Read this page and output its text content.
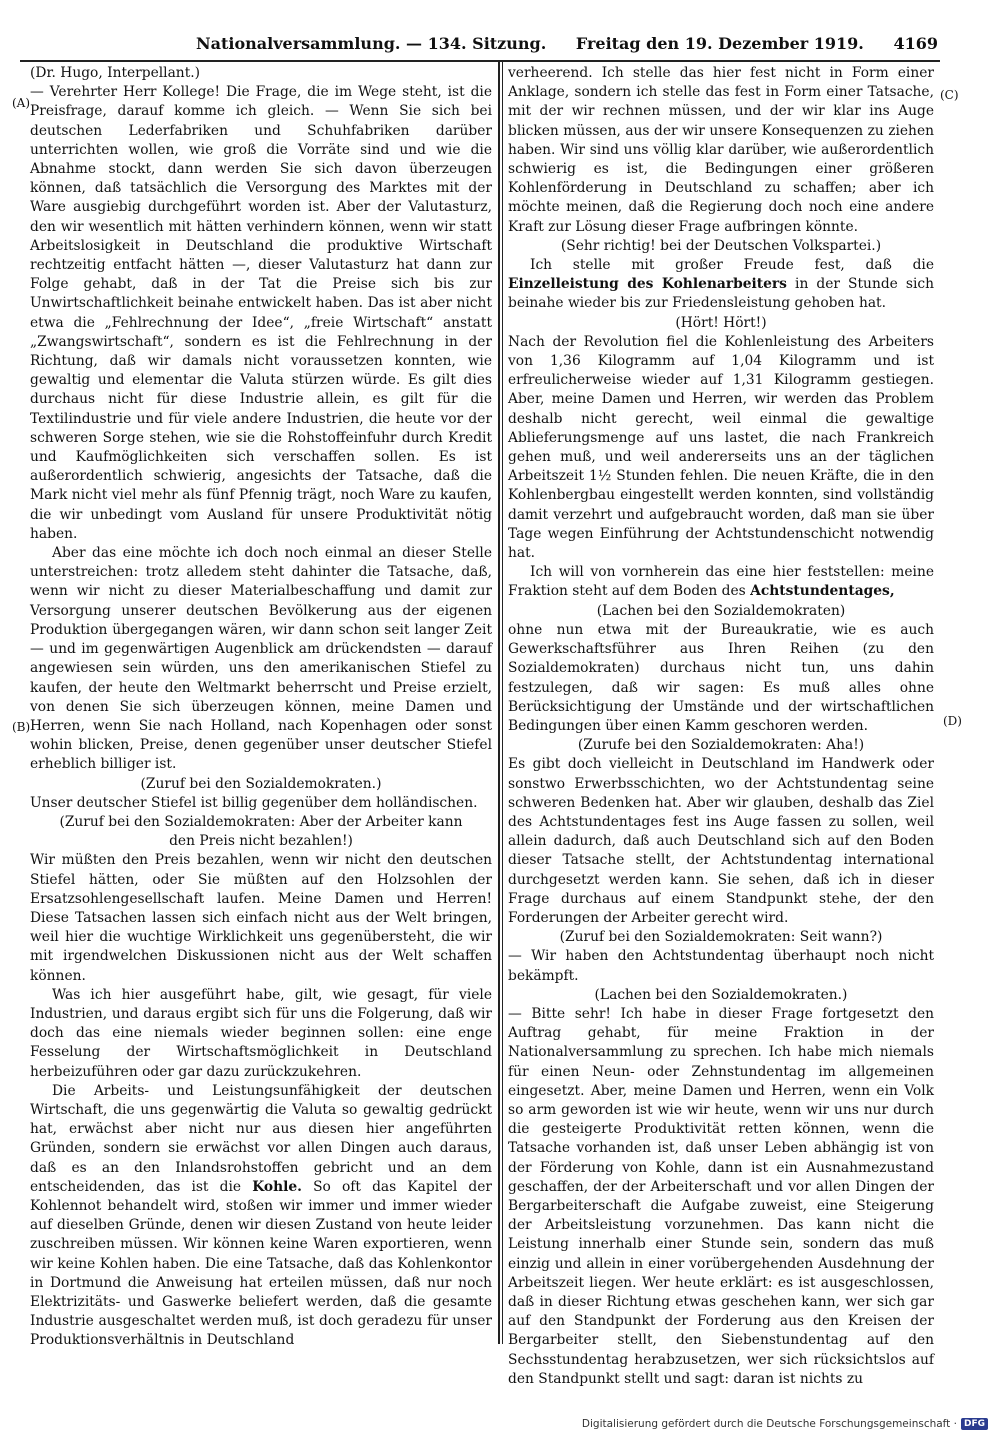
Nationalversammlung. — 134. Sitzung. Freitag den 19. Dezember 1919. 4169
(A)
(B)
(C)
(D)

(Dr. Hugo, Interpellant.)

— Verehrter Herr Kollege! Die Frage, die im Wege steht, ist die Preisfrage, darauf komme ich gleich. — Wenn Sie sich bei deutschen Lederfabriken und Schuhfabriken darüber unterrichten wollen, wie groß die Vorräte sind und wie die Abnahme stockt, dann werden Sie sich davon überzeugen können, daß tatsächlich die Versorgung des Marktes mit der Ware ausgiebig durchgeführt worden ist. Aber der Valutasturz, den wir wesentlich mit hätten verhindern können, wenn wir statt Arbeitslosigkeit in Deutschland die produktive Wirtschaft rechtzeitig entfacht hätten —, dieser Valutasturz hat dann zur Folge gehabt, daß in der Tat die Preise sich bis zur Unwirtschaftlichkeit beinahe entwickelt haben. Das ist aber nicht etwa die „Fehlrechnung der Idee“, „freie Wirtschaft“ anstatt „Zwangswirtschaft“, sondern es ist die Fehlrechnung in der Richtung, daß wir damals nicht voraussetzen konnten, wie gewaltig und elementar die Valuta stürzen würde. Es gilt dies durchaus nicht für diese Industrie allein, es gilt für die Textilindustrie und für viele andere Industrien, die heute vor der schweren Sorge stehen, wie sie die Rohstoffeinfuhr durch Kredit und Kaufmöglichkeiten sich verschaffen sollen. Es ist außerordentlich schwierig, angesichts der Tatsache, daß die Mark nicht viel mehr als fünf Pfennig trägt, noch Ware zu kaufen, die wir unbedingt vom Ausland für unsere Produktivität nötig haben.

Aber das eine möchte ich doch noch einmal an dieser Stelle unterstreichen: trotz alledem steht dahinter die Tatsache, daß, wenn wir nicht zu dieser Materialbeschaffung und damit zur Versorgung unserer deutschen Bevölkerung aus der eigenen Produktion übergegangen wären, wir dann schon seit langer Zeit — und im gegenwärtigen Augenblick am drückendsten — darauf angewiesen sein würden, uns den amerikanischen Stiefel zu kaufen, der heute den Weltmarkt beherrscht und Preise erzielt, von denen Sie sich überzeugen können, meine Damen und Herren, wenn Sie nach Holland, nach Kopenhagen oder sonst wohin blicken, Preise, denen gegenüber unser deutscher Stiefel erheblich billiger ist.

(Zuruf bei den Sozialdemokraten.)

Unser deutscher Stiefel ist billig gegenüber dem holländischen.

(Zuruf bei den Sozialdemokraten: Aber der Arbeiter kann den Preis nicht bezahlen!)

Wir müßten den Preis bezahlen, wenn wir nicht den deutschen Stiefel hätten, oder Sie müßten auf den Holzsohlen der Ersatzsohlengesellschaft laufen. Meine Damen und Herren! Diese Tatsachen lassen sich einfach nicht aus der Welt bringen, weil hier die wuchtige Wirklichkeit uns gegenübersteht, die wir mit irgendwelchen Diskussionen nicht aus der Welt schaffen können.

Was ich hier ausgeführt habe, gilt, wie gesagt, für viele Industrien, und daraus ergibt sich für uns die Folgerung, daß wir doch das eine niemals wieder beginnen sollen: eine enge Fesselung der Wirtschaftsmöglichkeit in Deutschland herbeizuführen oder gar dazu zurückzukehren.

Die Arbeits- und Leistungsunfähigkeit der deutschen Wirtschaft, die uns gegenwärtig die Valuta so gewaltig gedrückt hat, erwächst aber nicht nur aus diesen hier angeführten Gründen, sondern sie erwächst vor allen Dingen auch daraus, daß es an den Inlandsrohstoffen gebricht und an dem entscheidenden, das ist die Kohle. So oft das Kapitel der Kohlennot behandelt wird, stoßen wir immer und immer wieder auf dieselben Gründe, denen wir diesen Zustand von heute leider zuschreiben müssen. Wir können keine Waren exportieren, wenn wir keine Kohlen haben. Die eine Tatsache, daß das Kohlenkontor in Dortmund die Anweisung hat erteilen müssen, daß nur noch Elektrizitäts- und Gaswerke beliefert werden, daß die gesamte Industrie ausgeschaltet werden muß, ist doch geradezu für unser Produktionsverhältnis in Deutschland

verheerend. Ich stelle das hier fest nicht in Form einer Anklage, sondern ich stelle das fest in Form einer Tatsache, mit der wir rechnen müssen, und der wir klar ins Auge blicken müssen, aus der wir unsere Konsequenzen zu ziehen haben. Wir sind uns völlig klar darüber, wie außerordentlich schwierig es ist, die Bedingungen einer größeren Kohlenförderung in Deutschland zu schaffen; aber ich möchte meinen, daß die Regierung doch noch eine andere Kraft zur Lösung dieser Frage aufbringen könnte.

(Sehr richtig! bei der Deutschen Volkspartei.)

Ich stelle mit großer Freude fest, daß die Einzelleistung des Kohlenarbeiters in der Stunde sich beinahe wieder bis zur Friedensleistung gehoben hat.

(Hört! Hört!)

Nach der Revolution fiel die Kohlenleistung des Arbeiters von 1,36 Kilogramm auf 1,04 Kilogramm und ist erfreulicherweise wieder auf 1,31 Kilogramm gestiegen. Aber, meine Damen und Herren, wir werden das Problem deshalb nicht gerecht, weil einmal die gewaltige Ablieferungsmenge auf uns lastet, die nach Frankreich gehen muß, und weil andererseits uns an der täglichen Arbeitszeit 1½ Stunden fehlen. Die neuen Kräfte, die in den Kohlenbergbau eingestellt werden konnten, sind vollständig damit verzehrt und aufgebraucht worden, daß man sie über Tage wegen Einführung der Achtstundenschicht notwendig hat.

Ich will von vornherein das eine hier feststellen: meine Fraktion steht auf dem Boden des Achtstundentages,

(Lachen bei den Sozialdemokraten)

ohne nun etwa mit der Bureaukratie, wie es auch Gewerkschaftsführer aus Ihren Reihen (zu den Sozialdemokraten) durchaus nicht tun, uns dahin festzulegen, daß wir sagen: Es muß alles ohne Berücksichtigung der Umstände und der wirtschaftlichen Bedingungen über einen Kamm geschoren werden.

(Zurufe bei den Sozialdemokraten: Aha!)

Es gibt doch vielleicht in Deutschland im Handwerk oder sonstwo Erwerbsschichten, wo der Achtstundentag seine schweren Bedenken hat. Aber wir glauben, deshalb das Ziel des Achtstundentages fest ins Auge fassen zu sollen, weil allein dadurch, daß auch Deutschland sich auf den Boden dieser Tatsache stellt, der Achtstundentag international durchgesetzt werden kann. Sie sehen, daß ich in dieser Frage durchaus auf einem Standpunkt stehe, der den Forderungen der Arbeiter gerecht wird.

(Zuruf bei den Sozialdemokraten: Seit wann?)

— Wir haben den Achtstundentag überhaupt noch nicht bekämpft.

(Lachen bei den Sozialdemokraten.)

— Bitte sehr! Ich habe in dieser Frage fortgesetzt den Auftrag gehabt, für meine Fraktion in der Nationalversammlung zu sprechen. Ich habe mich niemals für einen Neun- oder Zehnstundentag im allgemeinen eingesetzt. Aber, meine Damen und Herren, wenn ein Volk so arm geworden ist wie wir heute, wenn wir uns nur durch die gesteigerte Produktivität retten können, wenn die Tatsache vorhanden ist, daß unser Leben abhängig ist von der Förderung von Kohle, dann ist ein Ausnahmezustand geschaffen, der der Arbeiterschaft und vor allen Dingen der Bergarbeiterschaft die Aufgabe zuweist, eine Steigerung der Arbeitsleistung vorzunehmen. Das kann nicht die Leistung innerhalb einer Stunde sein, sondern das muß einzig und allein in einer vorübergehenden Ausdehnung der Arbeitszeit liegen. Wer heute erklärt: es ist ausgeschlossen, daß in dieser Richtung etwas geschehen kann, wer sich gar auf den Standpunkt der Forderung aus den Kreisen der Bergarbeiter stellt, den Siebenstundentag auf den Sechsstundentag herabzusetzen, wer sich rücksichtslos auf den Standpunkt stellt und sagt: daran ist nichts zu

Digitalisierung gefördert durch die Deutsche Forschungsgemeinschaft · DFG
